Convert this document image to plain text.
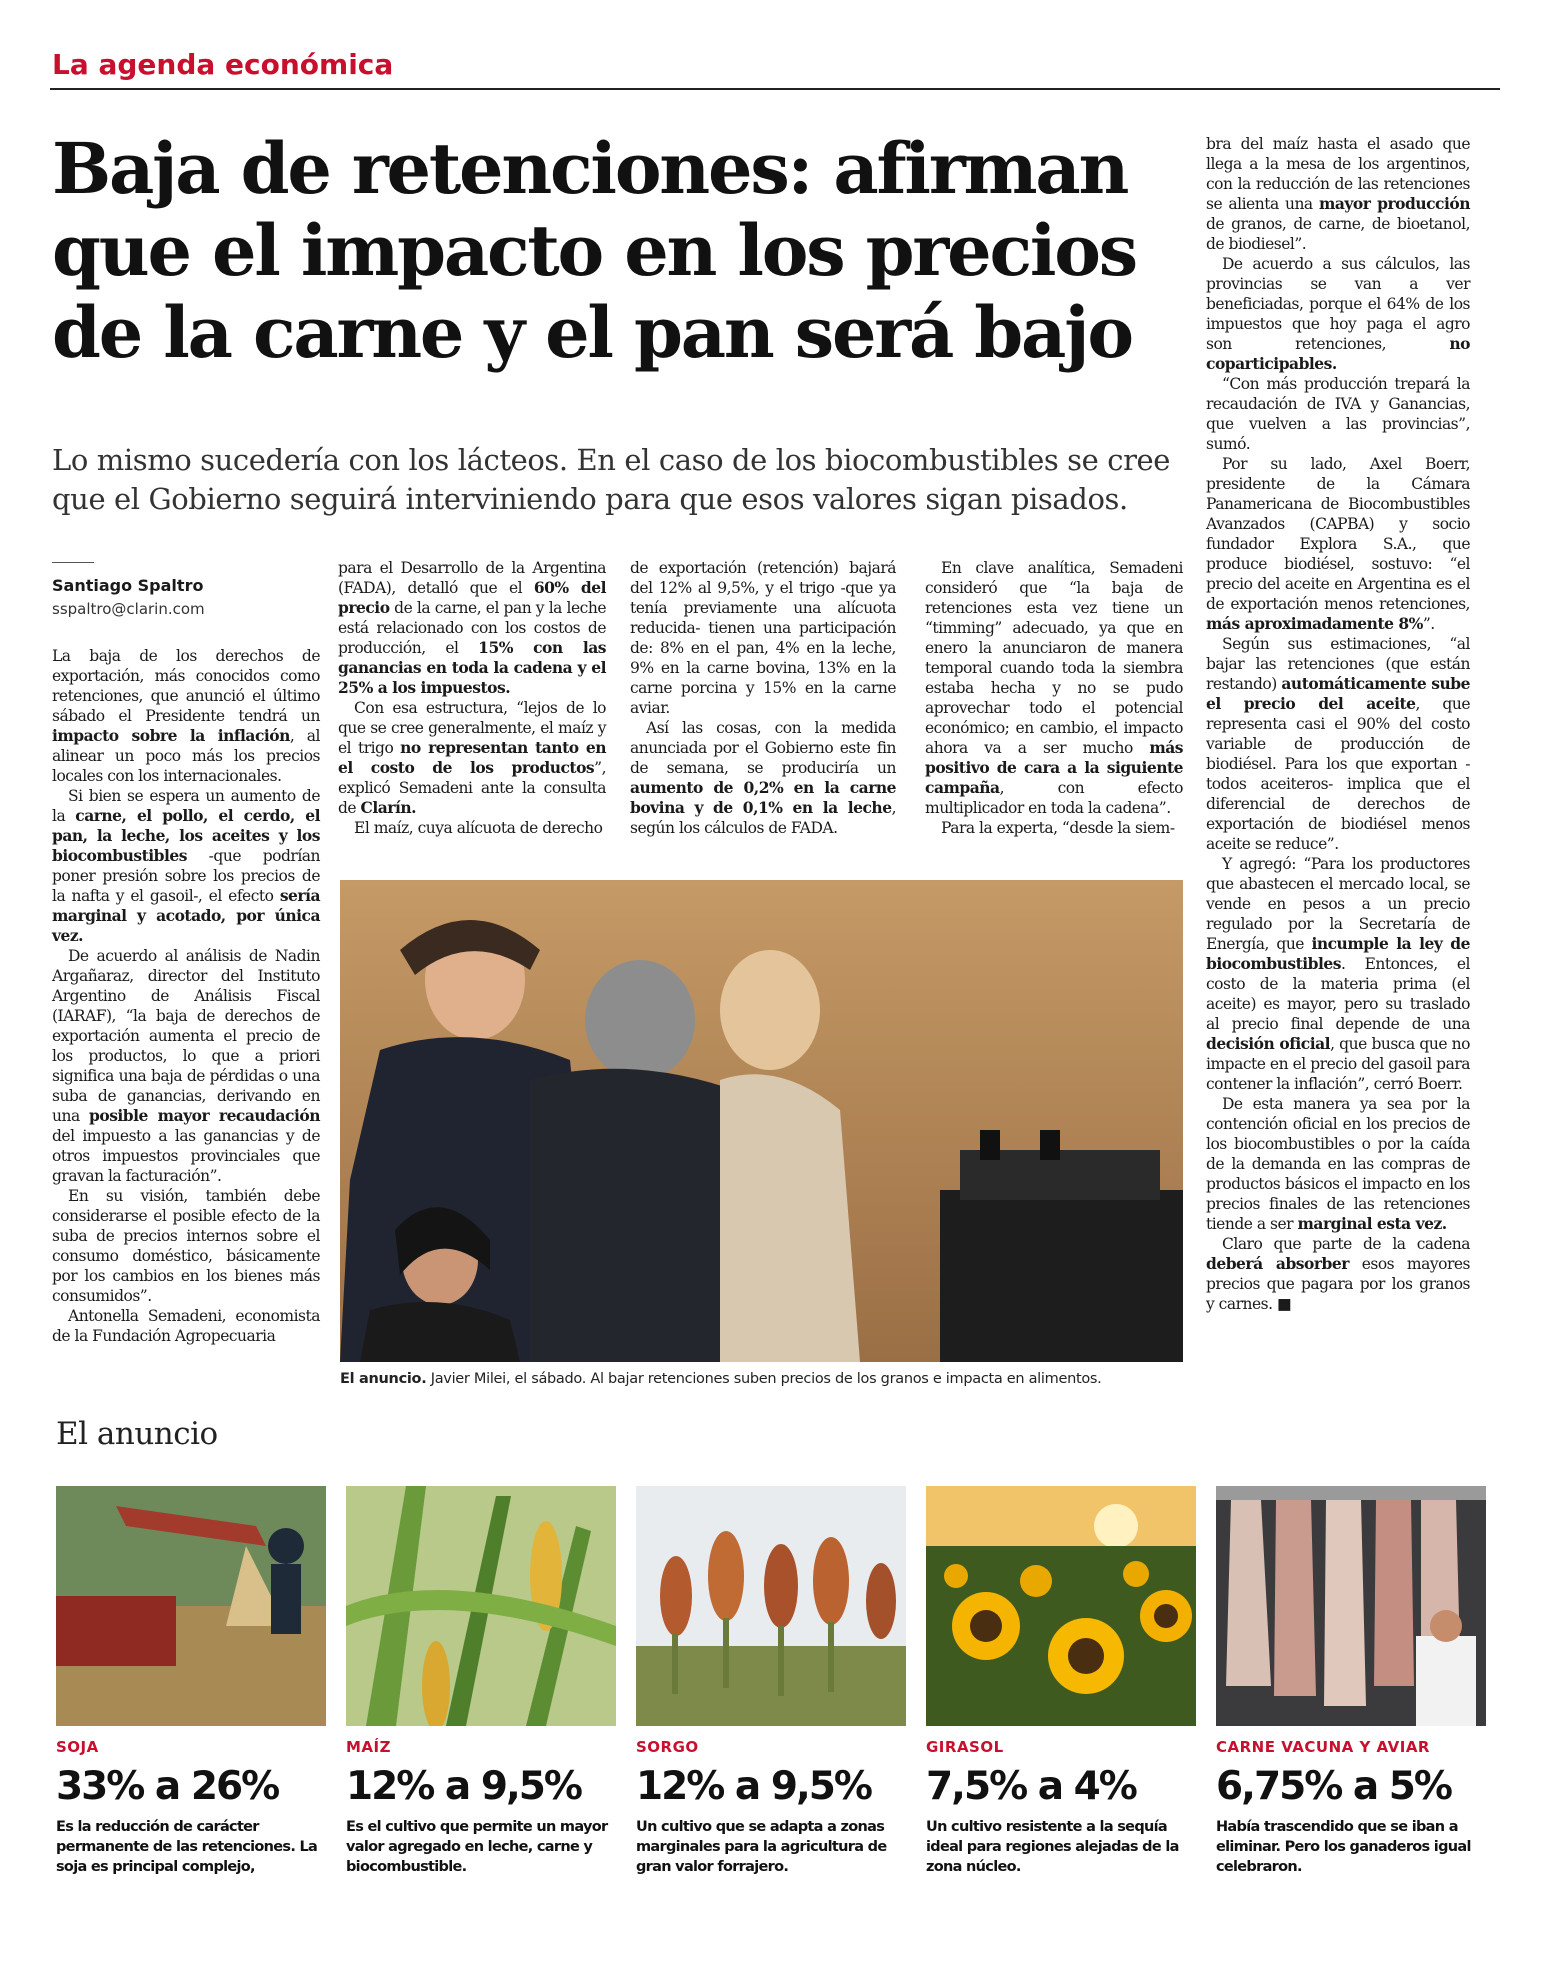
La agenda económica
Baja de retenciones: afirman
que el impacto en los precios
de la carne y el pan será bajo
Lo mismo sucedería con los lácteos. En el caso de los biocombustibles se cree
que el Gobierno seguirá interviniendo para que esos valores sigan pisados.
Santiago Spaltro
sspaltro@clarin.com

La baja de los derechos de exportación, más conocidos como retenciones, que anunció el último sábado el Presidente tendrá un impacto sobre la inflación, al alinear un poco más los precios locales con los internacionales.

Si bien se espera un aumento de la carne, el pollo, el cerdo, el pan, la leche, los aceites y los biocombustibles -que podrían poner presión sobre los precios de la nafta y el gasoil-, el efecto sería marginal y acotado, por única vez.

De acuerdo al análisis de Nadin Argañaraz, director del Instituto Argentino de Análisis Fiscal (IARAF), “la baja de derechos de exportación aumenta el precio de los productos, lo que a priori significa una baja de pérdidas o una suba de ganancias, derivando en una posible mayor recaudación del impuesto a las ganancias y de otros impuestos provinciales que gravan la facturación”.

En su visión, también debe considerarse el posible efecto de la suba de precios internos sobre el consumo doméstico, básicamente por los cambios en los bienes más consumidos”.

Antonella Semadeni, economista de la Fundación Agropecuaria

para el Desarrollo de la Argentina (FADA), detalló que el 60% del precio de la carne, el pan y la leche está relacionado con los costos de producción, el 15% con las ganancias en toda la cadena y el 25% a los impuestos.

Con esa estructura, “lejos de lo que se cree generalmente, el maíz y el trigo no representan tanto en el costo de los productos”, explicó Semadeni ante la consulta de Clarín.

El maíz, cuya alícuota de derecho

de exportación (retención) bajará del 12% al 9,5%, y el trigo -que ya tenía previamente una alícuota reducida- tienen una participación de: 8% en el pan, 4% en la leche, 9% en la carne bovina, 13% en la carne porcina y 15% en la carne aviar.

Así las cosas, con la medida anunciada por el Gobierno este fin de semana, se produciría un aumento de 0,2% en la carne bovina y de 0,1% en la leche, según los cálculos de FADA.

En clave analítica, Semadeni consideró que “la baja de retenciones esta vez tiene un “timming” adecuado, ya que en enero la anunciaron de manera temporal cuando toda la siembra estaba hecha y no se pudo aprovechar todo el potencial económico; en cambio, el impacto ahora va a ser mucho más positivo de cara a la siguiente campaña, con efecto multiplicador en toda la cadena”.

Para la experta, “desde la siem-

bra del maíz hasta el asado que llega a la mesa de los argentinos, con la reducción de las retenciones se alienta una mayor producción de granos, de carne, de bioetanol, de biodiesel”.

De acuerdo a sus cálculos, las provincias se van a ver beneficiadas, porque el 64% de los impuestos que hoy paga el agro son retenciones, no coparticipables.

“Con más producción trepará la recaudación de IVA y Ganancias, que vuelven a las provincias”, sumó.

Por su lado, Axel Boerr, presidente de la Cámara Panamericana de Biocombustibles Avanzados (CAPBA) y socio fundador Explora S.A., que produce biodiésel, sostuvo: “el precio del aceite en Argentina es el de exportación menos retenciones, más aproximadamente 8%”.

Según sus estimaciones, “al bajar las retenciones (que están restando) automáticamente sube el precio del aceite, que representa casi el 90% del costo variable de producción de biodiésel. Para los que exportan -todos aceiteros- implica que el diferencial de derechos de exportación de biodiésel menos aceite se reduce”.

Y agregó: “Para los productores que abastecen el mercado local, se vende en pesos a un precio regulado por la Secretaría de Energía, que incumple la ley de biocombustibles. Entonces, el costo de la materia prima (el aceite) es mayor, pero su traslado al precio final depende de una decisión oficial, que busca que no impacte en el precio del gasoil para contener la inflación”, cerró Boerr.

De esta manera ya sea por la contención oficial en los precios de los biocombustibles o por la caída de la demanda en las compras de productos básicos el impacto en los precios finales de las retenciones tiende a ser marginal esta vez.

Claro que parte de la cadena deberá absorber esos mayores precios que pagara por los granos y carnes. ■

El anuncio. Javier Milei, el sábado. Al bajar retenciones suben precios de los granos e impacta en alimentos.
El anuncio
SOJA
33% a 26%
Es la reducción de carácter permanente de las retenciones. La soja es principal complejo,
MAÍZ
12% a 9,5%
Es el cultivo que permite un mayor valor agregado en leche, carne y biocombustible.
SORGO
12% a 9,5%
Un cultivo que se adapta a zonas marginales para la agricultura de gran valor forrajero.
GIRASOL
7,5% a 4%
Un cultivo resistente a la sequía ideal para regiones alejadas de la zona núcleo.
CARNE VACUNA Y AVIAR
6,75% a 5%
Había trascendido que se iban a eliminar. Pero los ganaderos igual celebraron.
